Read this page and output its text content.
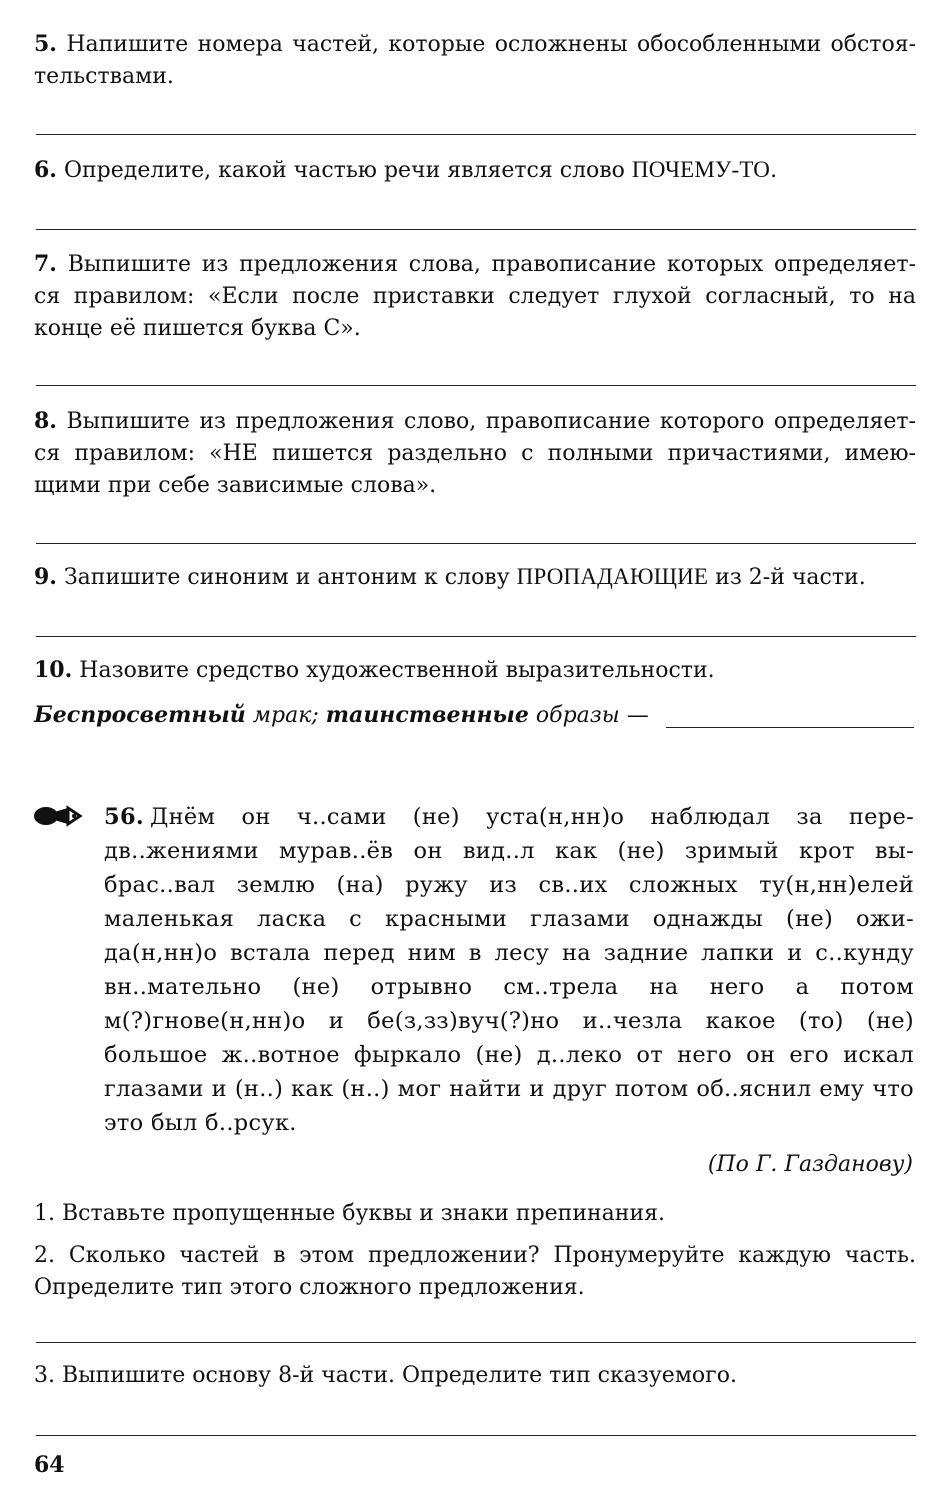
5. Напишите номера частей, которые осложнены обособленными обстоя-тельствами.

6. Определите, какой частью речи является слово ПОЧЕМУ-ТО.

7. Выпишите из предложения слова, правописание которых определяет-ся правилом: «Если после приставки следует глухой согласный, то на конце её пишется буква С».

8. Выпишите из предложения слово, правописание которого определяет-ся правилом: «НЕ пишется раздельно с полными причастиями, имею-щими при себе зависимые слова».

9. Запишите синоним и антоним к слову ПРОПАДАЮЩИЕ из 2-й части.

10. Назовите средство художественной выразительности.

Беспросветный мрак; таинственные образы —

56. Днём он ч..сами (не) уста(н,нн)о наблюдал за пере-дв..жениями мурав..ёв он вид..л как (не) зримый крот вы-брас..вал землю (на) ружу из св..их сложных ту(н,нн)елей маленькая ласка с красными глазами однажды (не) ожи-да(н,нн)о встала перед ним в лесу на задние лапки и с..кунду вн..мательно (не) отрывно см..трела на него а потом м(?)гнове(н,нн)о и бе(з,зз)вуч(?)но и..чезла какое (то) (не) большое ж..вотное фыркало (не) д..леко от него он его искал глазами и (н..) как (н..) мог найти и друг потом об..яснил ему что это был б..рсук.

(По Г. Газданову)

1. Вставьте пропущенные буквы и знаки препинания.

2. Сколько частей в этом предложении? Пронумеруйте каждую часть. Определите тип этого сложного предложения.

3. Выпишите основу 8-й части. Определите тип сказуемого.

64
